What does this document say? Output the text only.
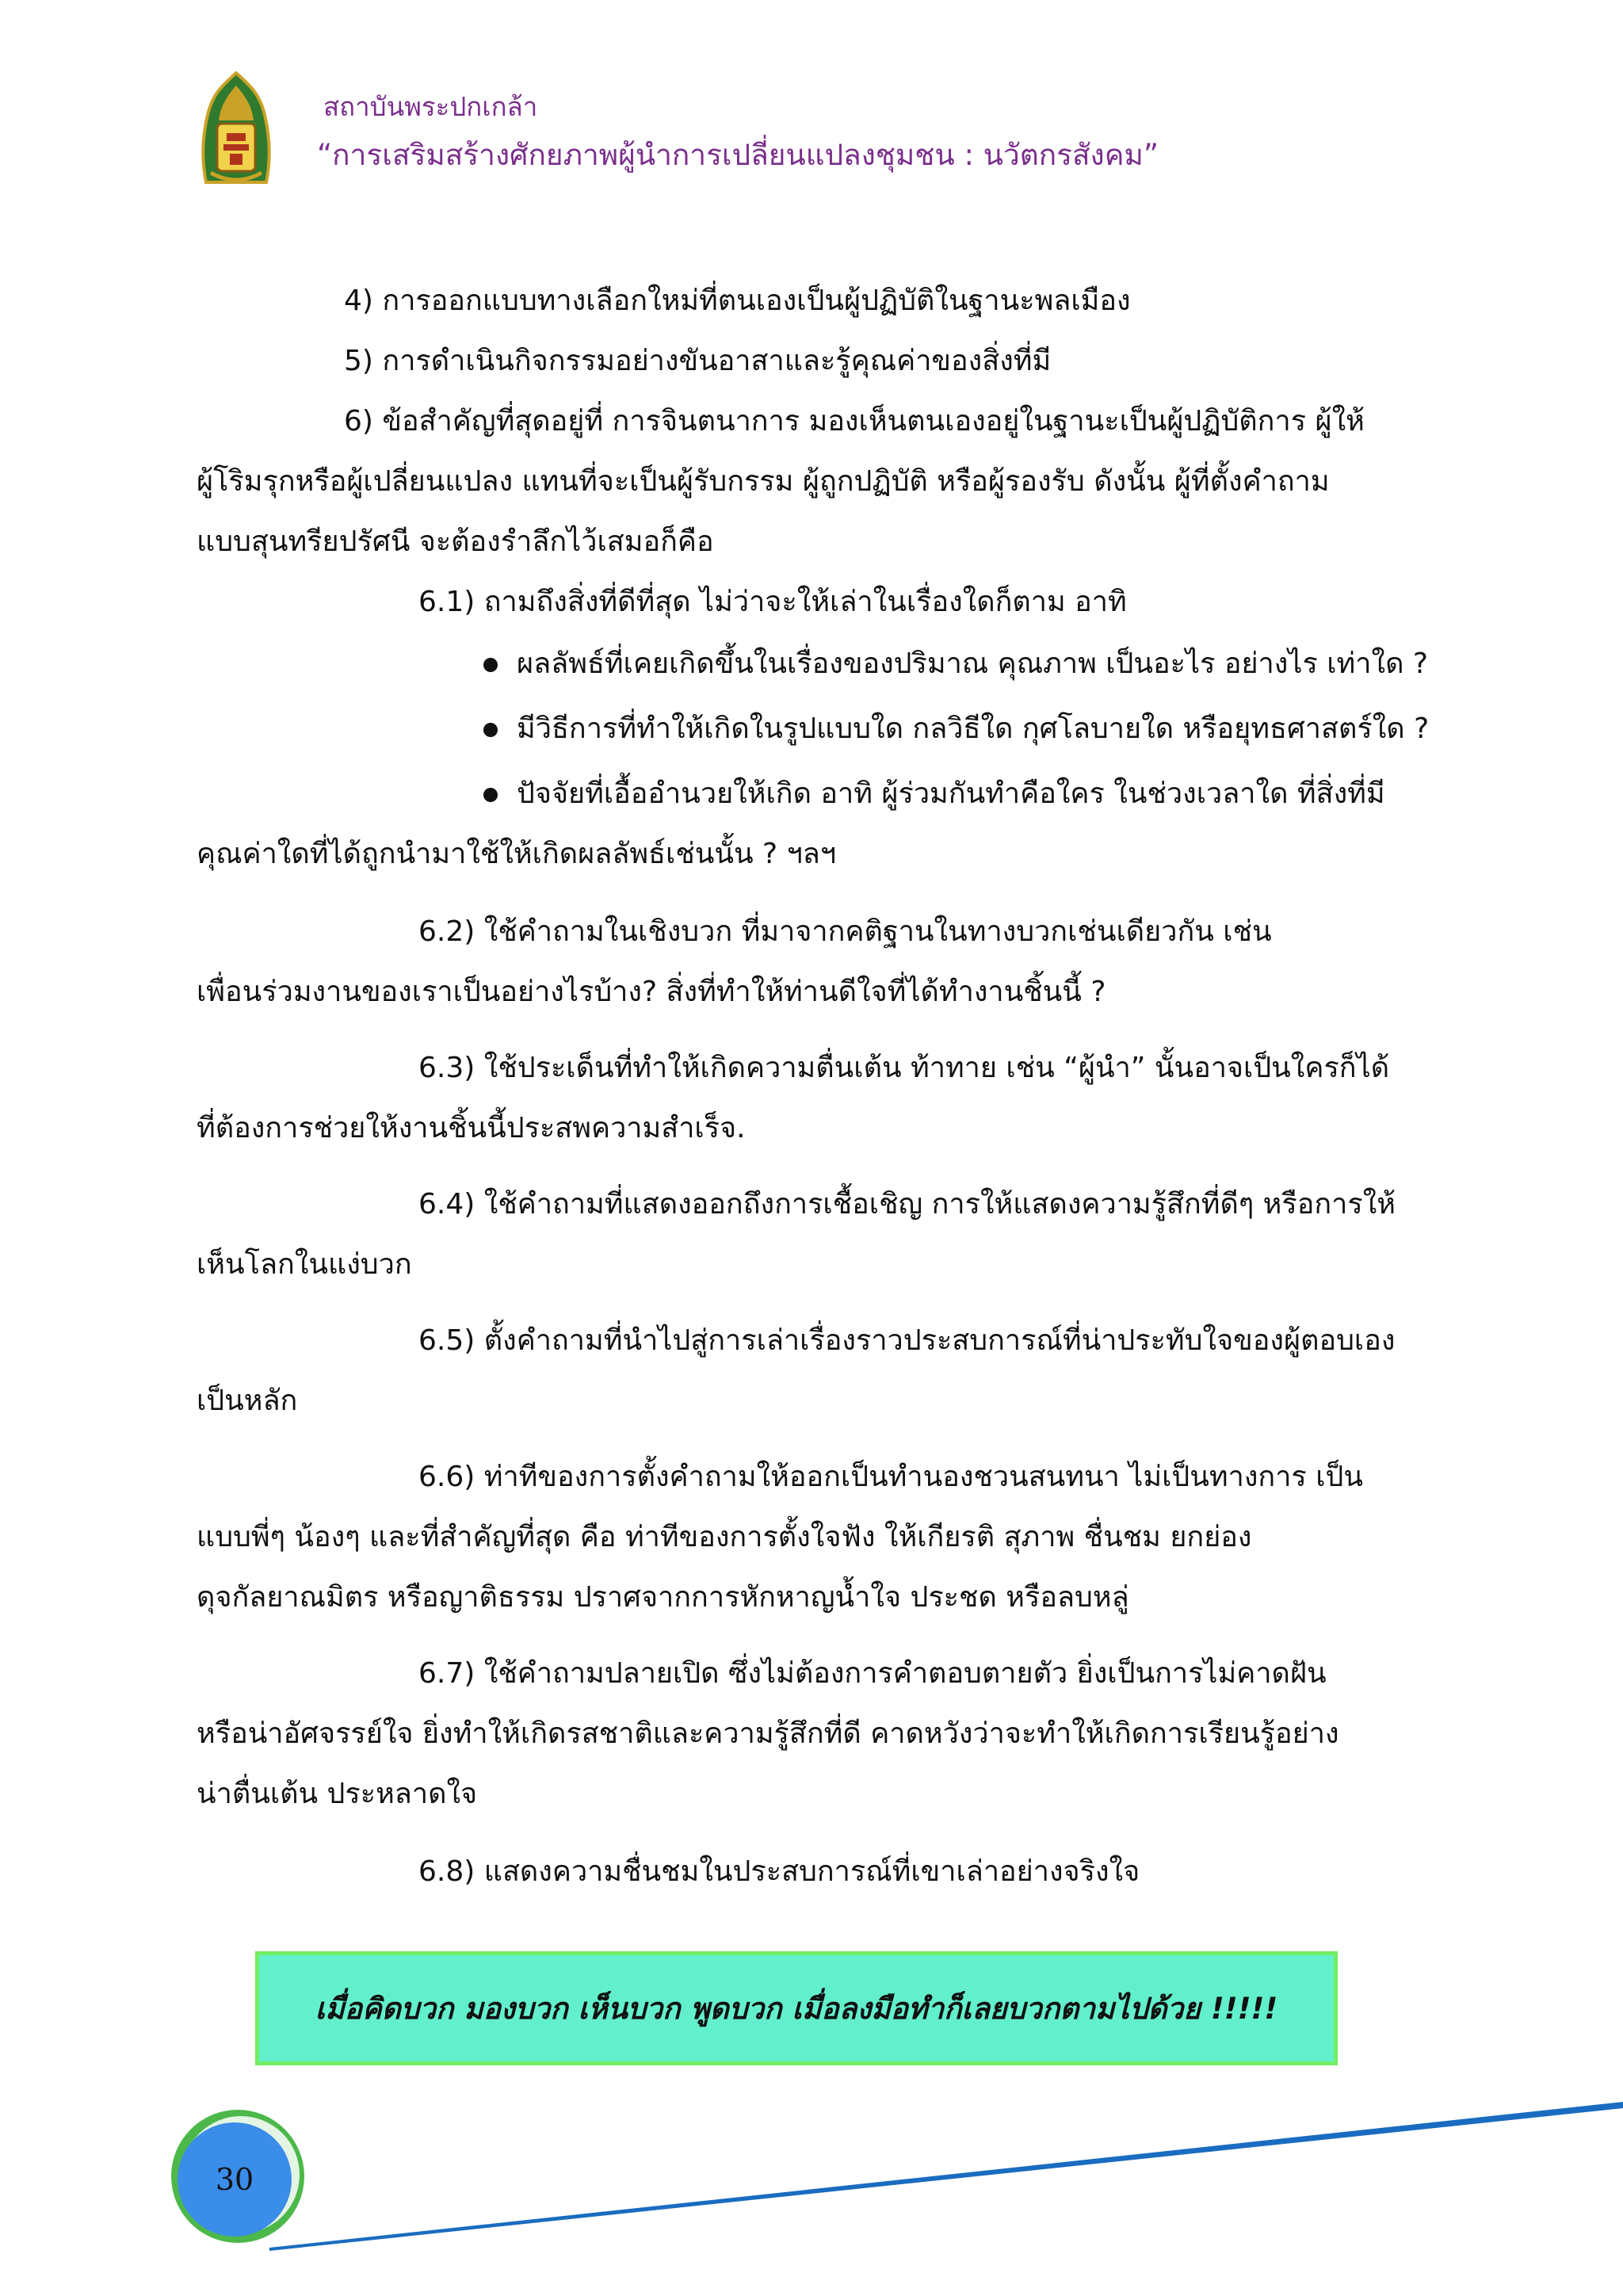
สถาบันพระปกเกล้า
“การเสริมสร้างศักยภาพผู้นำการเปลี่ยนแปลงชุมชน : นวัตกรสังคม”
4) การออกแบบทางเลือกใหม่ที่ตนเองเป็นผู้ปฏิบัติในฐานะพลเมือง
5) การดำเนินกิจกรรมอย่างขันอาสาและรู้คุณค่าของสิ่งที่มี
6) ข้อสำคัญที่สุดอยู่ที่ การจินตนาการ มองเห็นตนเองอยู่ในฐานะเป็นผู้ปฏิบัติการ ผู้ให้
ผู้โริมรุกหรือผู้เปลี่ยนแปลง แทนที่จะเป็นผู้รับกรรม ผู้ถูกปฏิบัติ หรือผู้รองรับ ดังนั้น ผู้ที่ตั้งคำถาม
แบบสุนทรียปรัศนี จะต้องรำลึกไว้เสมอก็คือ
6.1) ถามถึงสิ่งที่ดีที่สุด ไม่ว่าจะให้เล่าในเรื่องใดก็ตาม อาทิ
ผลลัพธ์ที่เคยเกิดขึ้นในเรื่องของปริมาณ คุณภาพ เป็นอะไร อย่างไร เท่าใด ?
มีวิธีการที่ทำให้เกิดในรูปแบบใด กลวิธีใด กุศโลบายใด หรือยุทธศาสตร์ใด ?
ปัจจัยที่เอื้ออำนวยให้เกิด อาทิ ผู้ร่วมกันทำคือใคร ในช่วงเวลาใด ที่สิ่งที่มี
คุณค่าใดที่ได้ถูกนำมาใช้ให้เกิดผลลัพธ์เช่นนั้น ? ฯลฯ
6.2) ใช้คำถามในเชิงบวก ที่มาจากคติฐานในทางบวกเช่นเดียวกัน เช่น
เพื่อนร่วมงานของเราเป็นอย่างไรบ้าง? สิ่งที่ทำให้ท่านดีใจที่ได้ทำงานชิ้นนี้ ?
6.3) ใช้ประเด็นที่ทำให้เกิดความตื่นเต้น ท้าทาย เช่น “ผู้นำ” นั้นอาจเป็นใครก็ได้
ที่ต้องการช่วยให้งานชิ้นนี้ประสพความสำเร็จ.
6.4) ใช้คำถามที่แสดงออกถึงการเชื้อเชิญ การให้แสดงความรู้สึกที่ดีๆ หรือการให้
เห็นโลกในแง่บวก
6.5) ตั้งคำถามที่นำไปสู่การเล่าเรื่องราวประสบการณ์ที่น่าประทับใจของผู้ตอบเอง
เป็นหลัก
6.6) ท่าทีของการตั้งคำถามให้ออกเป็นทำนองชวนสนทนา ไม่เป็นทางการ เป็น
แบบพี่ๆ น้องๆ และที่สำคัญที่สุด คือ ท่าทีของการตั้งใจฟัง ให้เกียรติ สุภาพ ชื่นชม ยกย่อง
ดุจกัลยาณมิตร หรือญาติธรรม ปราศจากการหักหาญน้ำใจ ประชด หรือลบหลู่
6.7) ใช้คำถามปลายเปิด ซึ่งไม่ต้องการคำตอบตายตัว ยิ่งเป็นการไม่คาดฝัน
หรือน่าอัศจรรย์ใจ ยิ่งทำให้เกิดรสชาติและความรู้สึกที่ดี คาดหวังว่าจะทำให้เกิดการเรียนรู้อย่าง
น่าตื่นเต้น ประหลาดใจ
6.8) แสดงความชื่นชมในประสบการณ์ที่เขาเล่าอย่างจริงใจ
เมื่อคิดบวก มองบวก เห็นบวก พูดบวก เมื่อลงมือทำก็เลยบวกตามไปด้วย !!!!!
30
